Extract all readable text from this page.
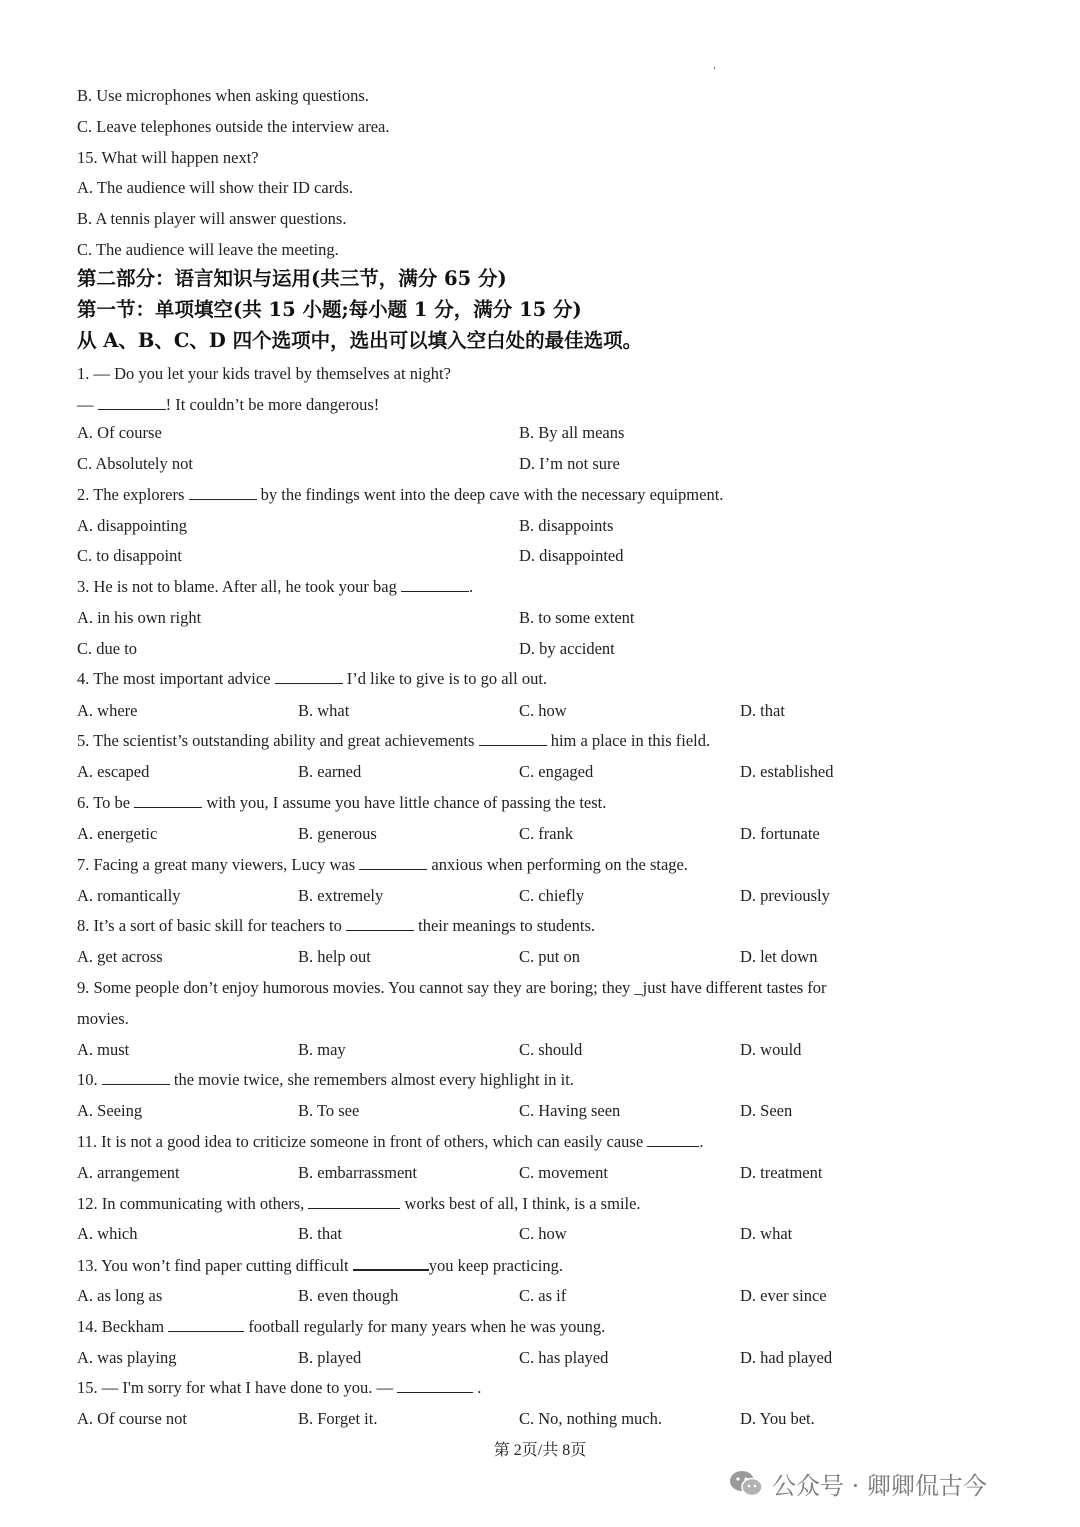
'
B. Use microphones when asking questions.
C. Leave telephones outside the interview area.
15. What will happen next?
A. The audience will show their ID cards.
B. A tennis player will answer questions.
C. The audience will leave the meeting.
第二部分：语言知识与运用(共三节，满分 65 分)
第一节：单项填空(共 15 小题;每小题 1 分，满分 15 分)
从 A、B、C、D 四个选项中，选出可以填入空白处的最佳选项。
1. — Do you let your kids travel by themselves at night?
—	! It couldn’t be more dangerous!
A. Of course	B. By all means
C. Absolutely not	D. I’m not sure
2. The explorers	by the findings went into the deep cave with the necessary equipment.
A. disappointing	B. disappoints
C. to disappoint	D. disappointed
3. He is not to blame. After all, he took your bag	.
A. in his own right	B. to some extent
C. due to	D. by accident
4. The most important advice	I’d like to give is to go all out.
A. where	B. what	C. how	D. that
5. The scientist’s outstanding ability and great achievements	him a place in this field.
A. escaped	B. earned	C. engaged	D. established
6. To be	with you, I assume you have little chance of passing the test.
A. energetic	B. generous	C. frank	D. fortunate
7. Facing a great many viewers, Lucy was	anxious when performing on the stage.
A. romantically	B. extremely	C. chiefly	D. previously
8. It’s a sort of basic skill for teachers to	their meanings to students.
A. get across	B. help out	C. put on	D. let down
9. Some people don’t enjoy humorous movies. You cannot say they are boring; they _just have different tastes for
movies.
A. must	B. may	C. should	D. would
10.	the movie twice, she remembers almost every highlight in it.
A. Seeing	B. To see	C. Having seen	D. Seen
11. It is not a good idea to criticize someone in front of others, which can easily cause	.
A. arrangement	B. embarrassment	C. movement	D. treatment
12. In communicating with others,	works best of all, I think, is a smile.
A. which	B. that	C. how	D. what
13. You won’t find paper cutting difficult	you keep practicing.
A. as long as	B. even though	C. as if	D. ever since
14. Beckham	football regularly for many years when he was young.
A. was playing	B. played	C. has played	D. had played
15. — I'm sorry for what I have done to you. —	.
A. Of course not	B. Forget it.	C. No, nothing much.	D. You bet.
第 2页/共 8页
公众号 · 卿卿侃古今
